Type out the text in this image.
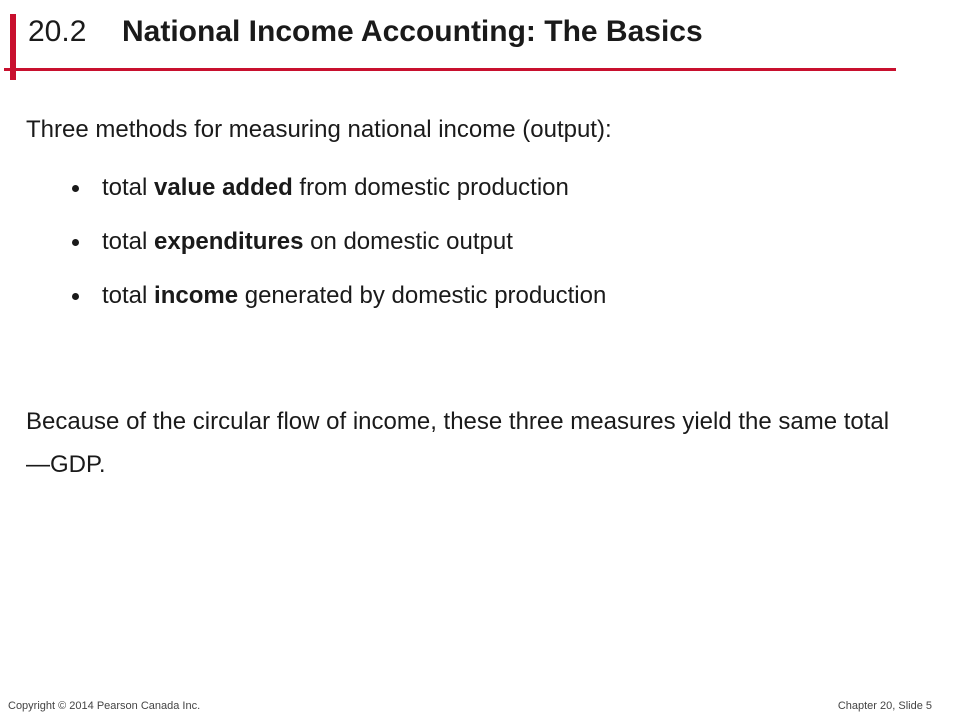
20.2 National Income Accounting: The Basics
Three methods for measuring national income (output):
total value added from domestic production
total expenditures on domestic output
total income generated by domestic production
Because of the circular flow of income, these three measures yield the same total—GDP.
Copyright © 2014 Pearson Canada Inc.	Chapter 20, Slide 5
